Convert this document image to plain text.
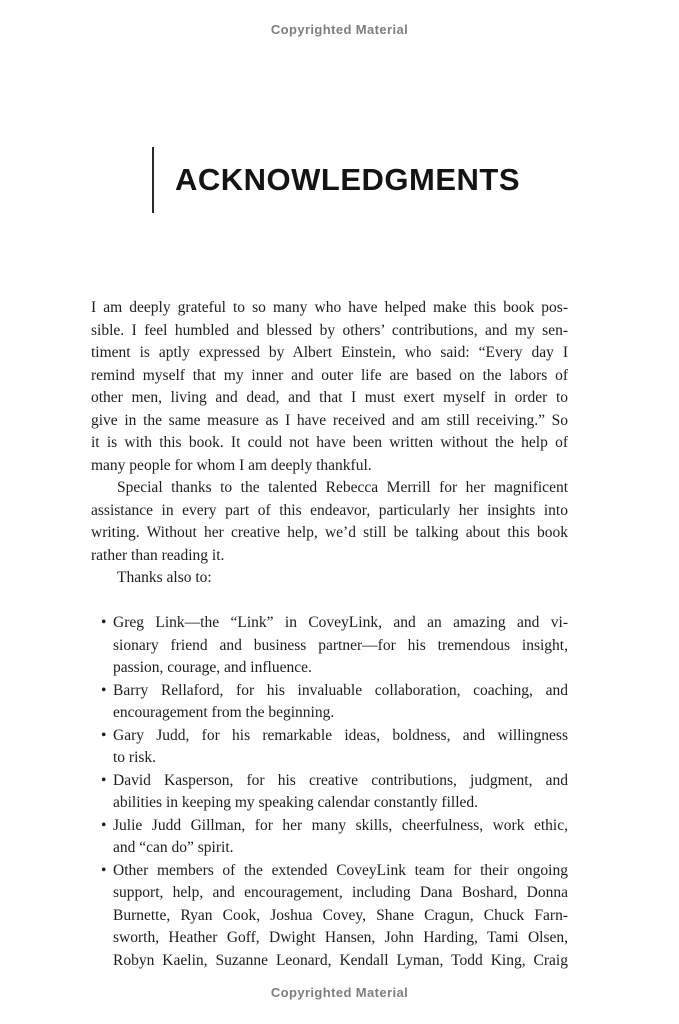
Copyrighted Material
ACKNOWLEDGMENTS

I am deeply grateful to so many who have helped make this book pos-
sible. I feel humbled and blessed by others’ contributions, and my sen-
timent is aptly expressed by Albert Einstein, who said: “Every day I
remind myself that my inner and outer life are based on the labors of
other men, living and dead, and that I must exert myself in order to
give in the same measure as I have received and am still receiving.” So
it is with this book. It could not have been written without the help of
many people for whom I am deeply thankful.

Special thanks to the talented Rebecca Merrill for her magnificent
assistance in every part of this endeavor, particularly her insights into
writing. Without her creative help, we’d still be talking about this book
rather than reading it.

Thanks also to:

• Greg Link—the “Link” in CoveyLink, and an amazing and vi-
sionary friend and business partner—for his tremendous insight,
passion, courage, and influence.
• Barry Rellaford, for his invaluable collaboration, coaching, and
encouragement from the beginning.
• Gary Judd, for his remarkable ideas, boldness, and willingness
to risk.
• David Kasperson, for his creative contributions, judgment, and
abilities in keeping my speaking calendar constantly filled.
• Julie Judd Gillman, for her many skills, cheerfulness, work ethic,
and “can do” spirit.
• Other members of the extended CoveyLink team for their ongoing
support, help, and encouragement, including Dana Boshard, Donna
Burnette, Ryan Cook, Joshua Covey, Shane Cragun, Chuck Farn-
sworth, Heather Goff, Dwight Hansen, John Harding, Tami Olsen,
Robyn Kaelin, Suzanne Leonard, Kendall Lyman, Todd King, Craig
Copyrighted Material
